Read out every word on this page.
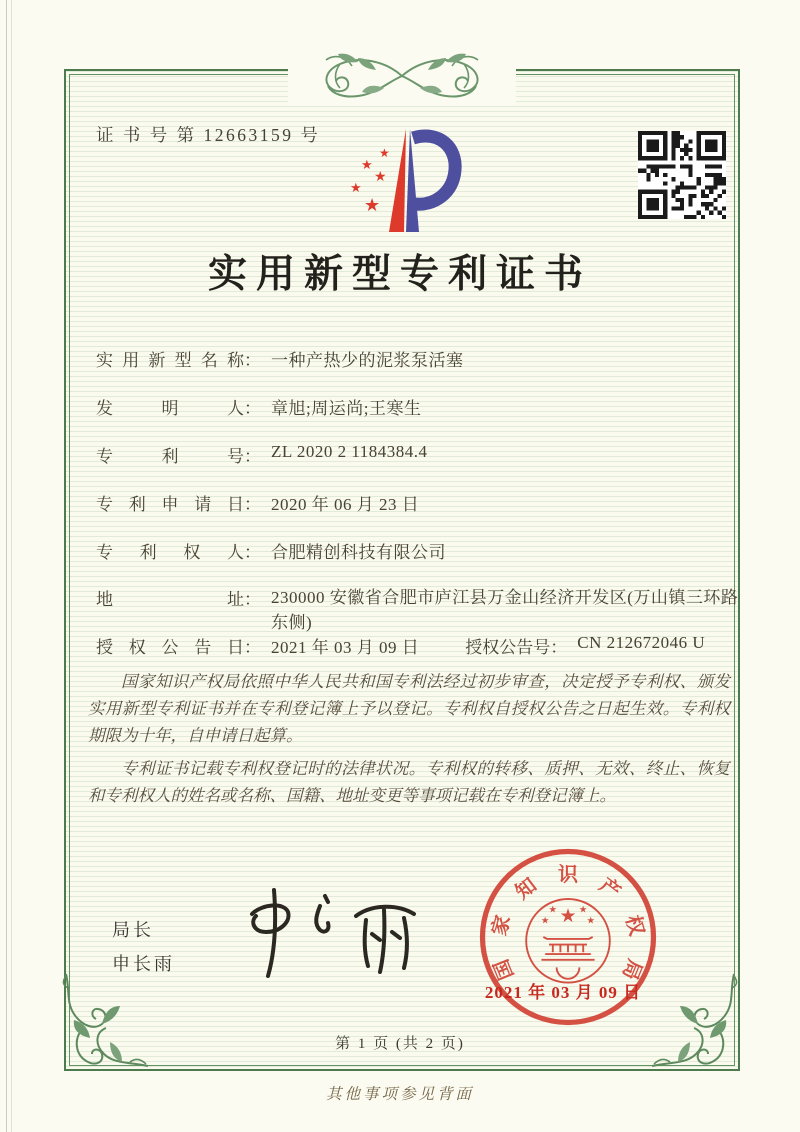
证 书 号 第 12663159 号
★
★
★
★
★
实用新型专利证书
实用新型名称 ： 一种产热少的泥浆泵活塞
发明人 ： 章旭;周运尚;王寒生
专利号 ： ZL 2020 2 1184384.4
专利申请日 ： 2020 年 06 月 23 日
专利权人 ： 合肥精创科技有限公司
地址 ： 230000 安徽省合肥市庐江县万金山经济开发区(万山镇三环路东侧)
授权公告日 ： 2021 年 03 月 09 日	授权公告号： CN 212672046 U

国家知识产权局依照中华人民共和国专利法经过初步审查，决定授予专利权、颁发实用新型专利证书并在专利登记簿上予以登记。专利权自授权公告之日起生效。专利权期限为十年，自申请日起算。

专利证书记载专利权登记时的法律状况。专利权的转移、质押、无效、终止、恢复和专利权人的姓名或名称、国籍、地址变更等事项记载在专利登记簿上。

局长
申长雨	国
家
知 识 产
权
局
★
★ ★
★	★
2021 年 03 月 09 日
第 1 页 (共 2 页)
其他事项参见背面
